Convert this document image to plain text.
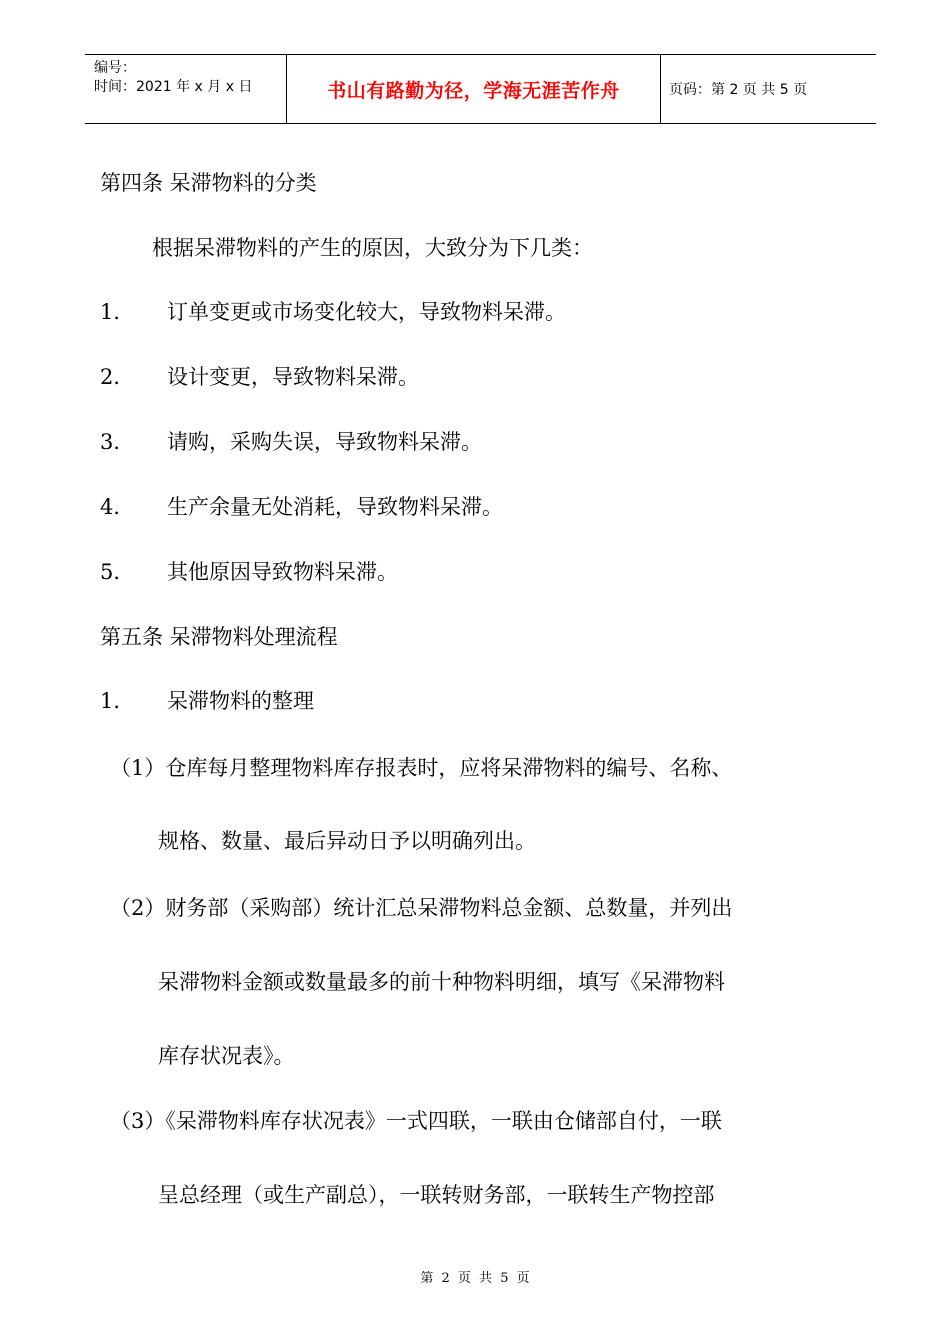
编号：
时间：2021 年 x 月 x 日	书山有路勤为径，学海无涯苦作舟	页码：第 2 页 共 5 页
第四条 呆滞物料的分类
根据呆滞物料的产生的原因，大致分为下几类：
1． 订单变更或市场变化较大，导致物料呆滞。
2． 设计变更，导致物料呆滞。
3． 请购，采购失误，导致物料呆滞。
4． 生产余量无处消耗，导致物料呆滞。
5． 其他原因导致物料呆滞。
第五条 呆滞物料处理流程
1． 呆滞物料的整理
（1）仓库每月整理物料库存报表时，应将呆滞物料的编号、名称、
规格、数量、最后异动日予以明确列出。
（2）财务部（采购部）统计汇总呆滞物料总金额、总数量，并列出
呆滞物料金额或数量最多的前十种物料明细，填写《呆滞物料
库存状况表》。
（3）《呆滞物料库存状况表》一式四联，一联由仓储部自付，一联
呈总经理（或生产副总），一联转财务部，一联转生产物控部
第 2 页 共 5 页
